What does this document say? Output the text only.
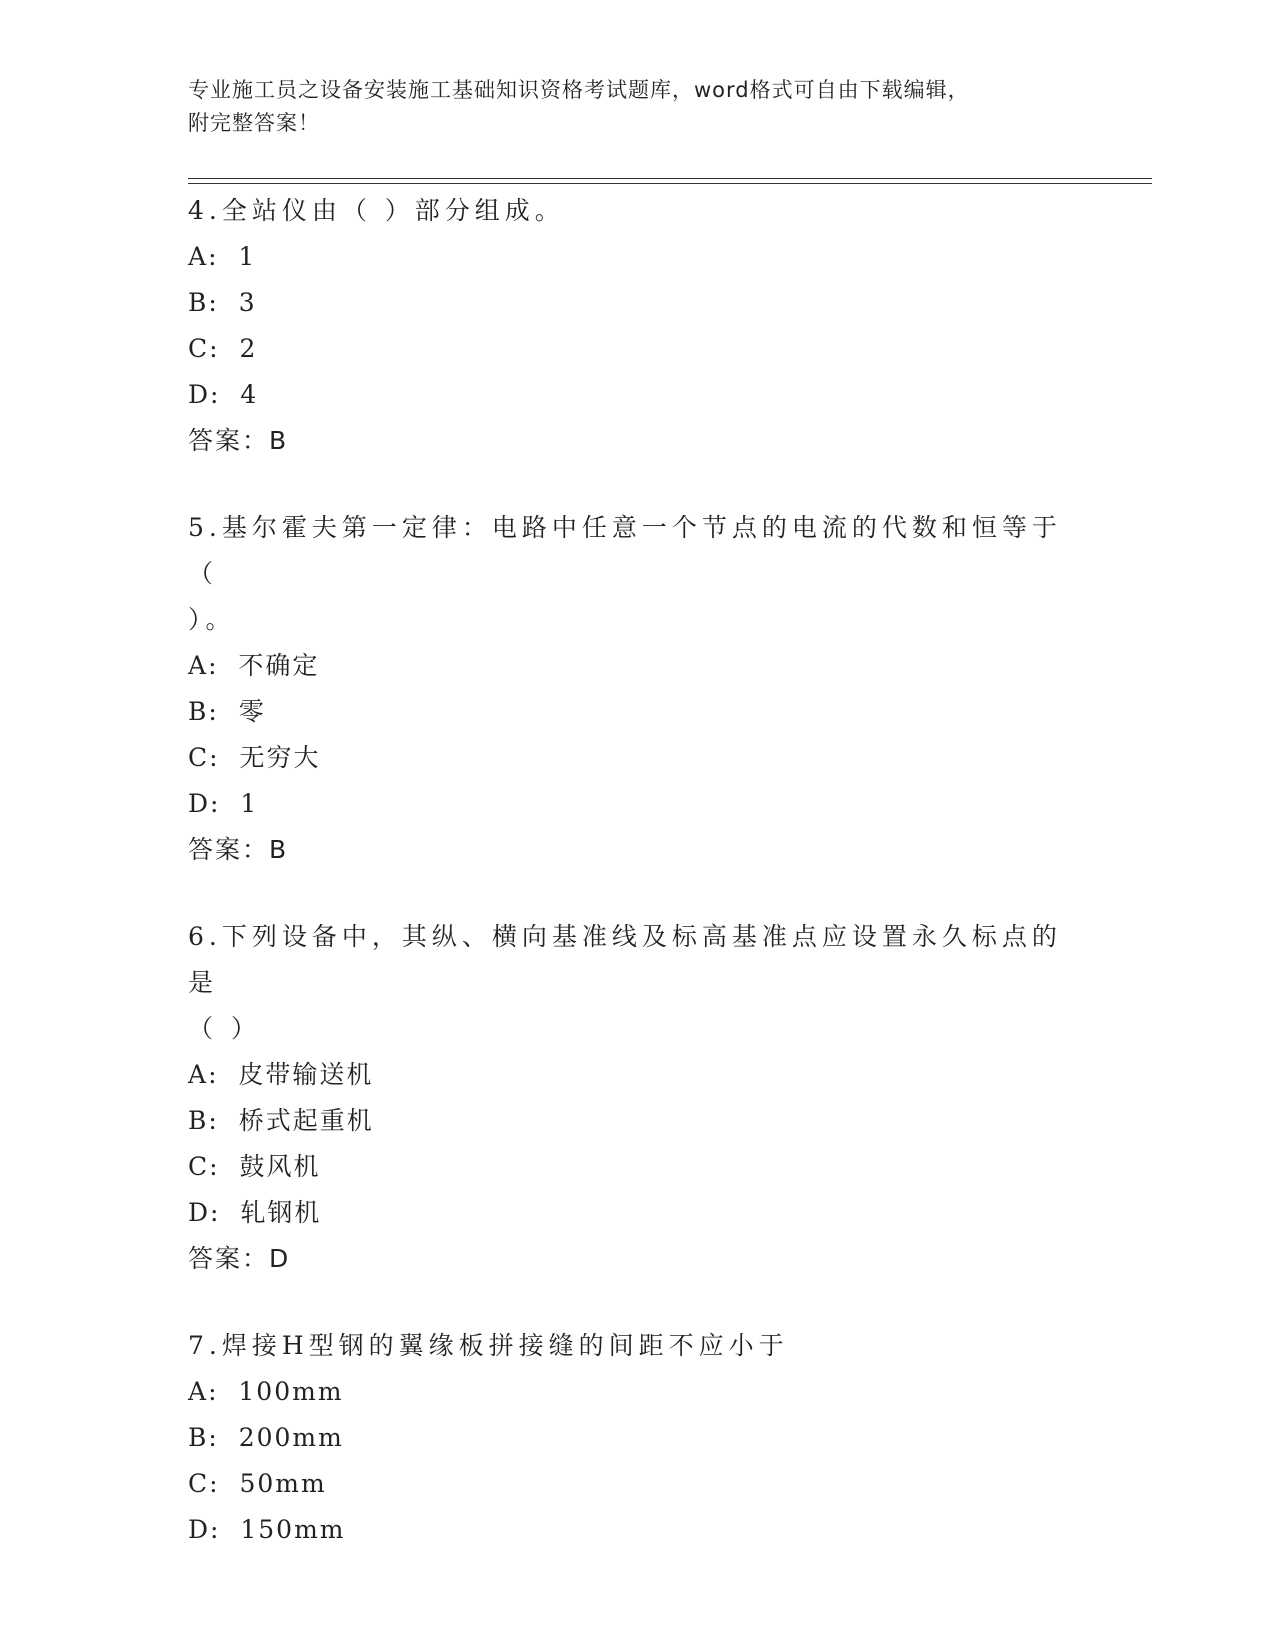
专业施工员之设备安装施工基础知识资格考试题库，word格式可自由下载编辑，
附完整答案！
4.全站仪由（ ）部分组成。
A:  1
B:  3
C:  2
D:  4
答案：B
5.基尔霍夫第一定律：电路中任意一个节点的电流的代数和恒等于（
）。
A:  不确定
B:  零
C:  无穷大
D:  1
答案：B
6.下列设备中，其纵、横向基准线及标高基准点应设置永久标点的是
（ ）
A:  皮带输送机
B:  桥式起重机
C:  鼓风机
D:  轧钢机
答案：D
7.焊接H型钢的翼缘板拼接缝的间距不应小于
A:  100mm
B:  200mm
C:  50mm
D:  150mm
